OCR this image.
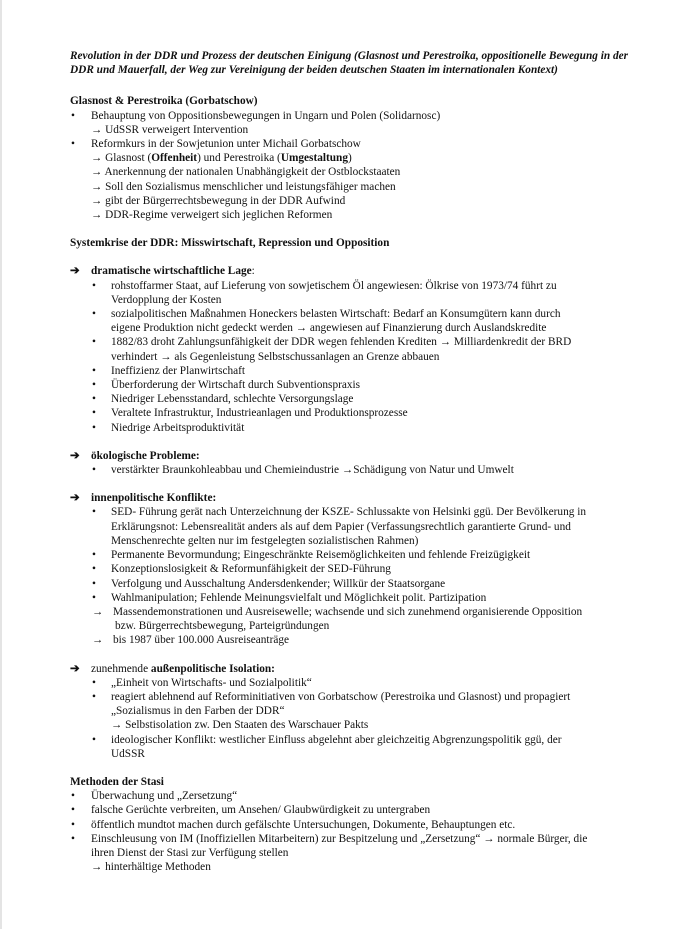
Revolution in der DDR und Prozess der deutschen Einigung (Glasnost und Perestroika, oppositionelle Bewegung in der DDR und Mauerfall, der Weg zur Vereinigung der beiden deutschen Staaten im internationalen Kontext)
Glasnost & Perestroika (Gorbatschow)
• Behauptung von Oppositionsbewegungen in Ungarn und Polen (Solidarnosc)
→ UdSSR verweigert Intervention
• Reformkurs in der Sowjetunion unter Michail Gorbatschow
→ Glasnost (Offenheit) und Perestroika (Umgestaltung)
→ Anerkennung der nationalen Unabhängigkeit der Ostblockstaaten
→ Soll den Sozialismus menschlicher und leistungsfähiger machen
→ gibt der Bürgerrechtsbewegung in der DDR Aufwind
→ DDR-Regime verweigert sich jeglichen Reformen
Systemkrise der DDR: Misswirtschaft, Repression und Opposition
➔ dramatische wirtschaftliche Lage:
• rohstoffarmer Staat, auf Lieferung von sowjetischem Öl angewiesen: Ölkrise von 1973/74 führt zu
Verdopplung der Kosten
• sozialpolitischen Maßnahmen Honeckers belasten Wirtschaft: Bedarf an Konsumgütern kann durch
eigene Produktion nicht gedeckt werden → angewiesen auf Finanzierung durch Auslandskredite
• 1882/83 droht Zahlungsunfähigkeit der DDR wegen fehlenden Krediten → Milliardenkredit der BRD
verhindert → als Gegenleistung Selbstschussanlagen an Grenze abbauen
• Ineffizienz der Planwirtschaft
• Überforderung der Wirtschaft durch Subventionspraxis
• Niedriger Lebensstandard, schlechte Versorgungslage
• Veraltete Infrastruktur, Industrieanlagen und Produktionsprozesse
• Niedrige Arbeitsproduktivität
➔ ökologische Probleme:
• verstärkter Braunkohleabbau und Chemieindustrie →Schädigung von Natur und Umwelt
➔ innenpolitische Konflikte:
• SED- Führung gerät nach Unterzeichnung der KSZE- Schlussakte von Helsinki ggü. Der Bevölkerung in
Erklärungsnot: Lebensrealität anders als auf dem Papier (Verfassungsrechtlich garantierte Grund- und
Menschenrechte gelten nur im festgelegten sozialistischen Rahmen)
• Permanente Bevormundung; Eingeschränkte Reisemöglichkeiten und fehlende Freizügigkeit
• Konzeptionslosigkeit & Reformunfähigkeit der SED-Führung
• Verfolgung und Ausschaltung Andersdenkender; Willkür der Staatsorgane
• Wahlmanipulation; Fehlende Meinungsvielfalt und Möglichkeit polit. Partizipation
→ Massendemonstrationen und Ausreisewelle; wachsende und sich zunehmend organisierende Opposition
bzw. Bürgerrechtsbewegung, Parteigründungen
→ bis 1987 über 100.000 Ausreiseanträge
➔ zunehmende außenpolitische Isolation:
• „Einheit von Wirtschafts- und Sozialpolitik“
• reagiert ablehnend auf Reforminitiativen von Gorbatschow (Perestroika und Glasnost) und propagiert
„Sozialismus in den Farben der DDR“
→ Selbstisolation zw. Den Staaten des Warschauer Pakts
• ideologischer Konflikt: westlicher Einfluss abgelehnt aber gleichzeitig Abgrenzungspolitik ggü, der
UdSSR
Methoden der Stasi
• Überwachung und „Zersetzung“
• falsche Gerüchte verbreiten, um Ansehen/ Glaubwürdigkeit zu untergraben
• öffentlich mundtot machen durch gefälschte Untersuchungen, Dokumente, Behauptungen etc.
• Einschleusung von IM (Inoffiziellen Mitarbeitern) zur Bespitzelung und „Zersetzung“ → normale Bürger, die
ihren Dienst der Stasi zur Verfügung stellen
→ hinterhältige Methoden
